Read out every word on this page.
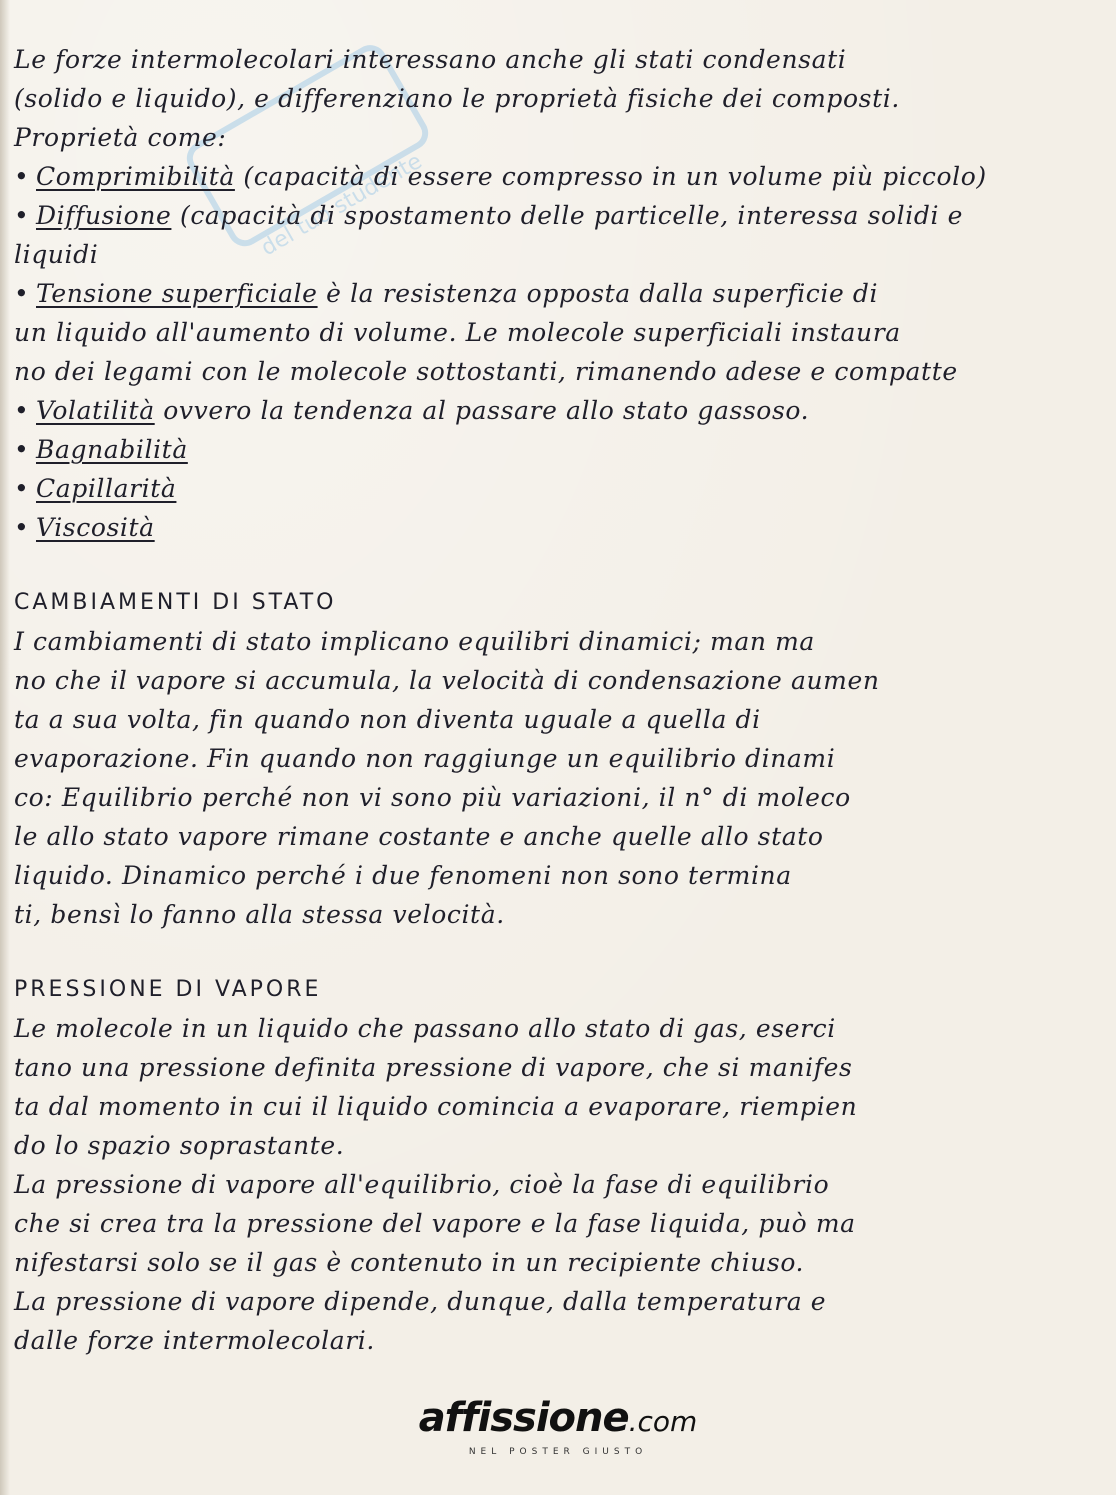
del tuo studente
Le forze intermolecolari interessano anche gli stati condensati
(solido e liquido), e differenziano le proprietà fisiche dei composti.
Proprietà come:
• Comprimibilità (capacità di essere compresso in un volume più piccolo)
• Diffusione (capacità di spostamento delle particelle, interessa solidi e
liquidi
• Tensione superficiale è la resistenza opposta dalla superficie di
un liquido all'aumento di volume. Le molecole superficiali instaura
no dei legami con le molecole sottostanti, rimanendo adese e compatte
• Volatilità ovvero la tendenza al passare allo stato gassoso.
• Bagnabilità
• Capillarità
• Viscosità
CAMBIAMENTI DI STATO
I cambiamenti di stato implicano equilibri dinamici; man ma
no che il vapore si accumula, la velocità di condensazione aumen
ta a sua volta, fin quando non diventa uguale a quella di
evaporazione. Fin quando non raggiunge un equilibrio dinami
co: Equilibrio perché non vi sono più variazioni, il n° di moleco
le allo stato vapore rimane costante e anche quelle allo stato
liquido. Dinamico perché i due fenomeni non sono termina
ti, bensì lo fanno alla stessa velocità.
PRESSIONE DI VAPORE
Le molecole in un liquido che passano allo stato di gas, eserci
tano una pressione definita pressione di vapore, che si manifes
ta dal momento in cui il liquido comincia a evaporare, riempien
do lo spazio soprastante.
La pressione di vapore all'equilibrio, cioè la fase di equilibrio
che si crea tra la pressione del vapore e la fase liquida, può ma
nifestarsi solo se il gas è contenuto in un recipiente chiuso.
La pressione di vapore dipende, dunque, dalla temperatura e
dalle forze intermolecolari.
affissione.com
NEL POSTER GIUSTO
